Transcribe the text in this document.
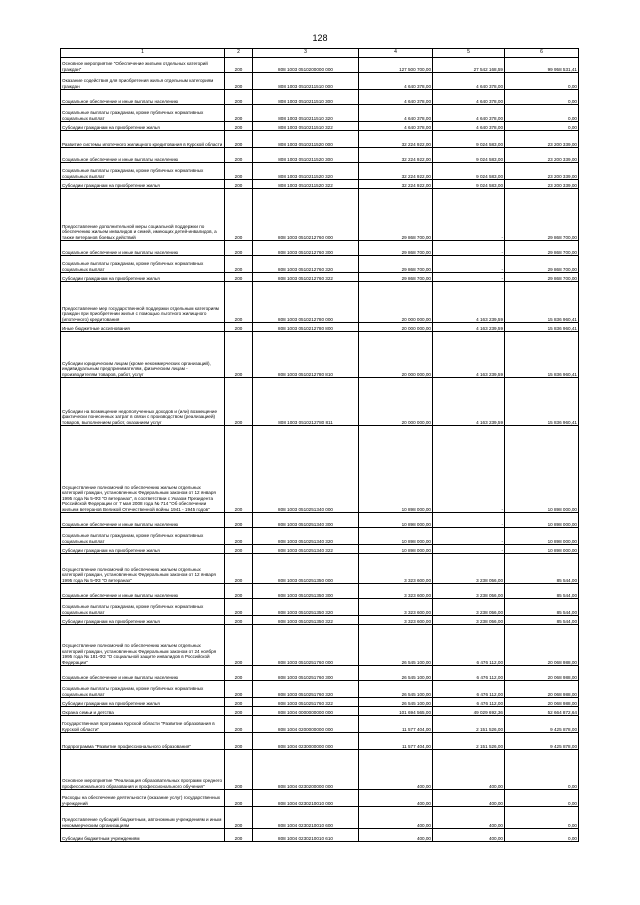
128
1	2	3	4	5	6
Основное мероприятие "Обеспечение жильем отдельных категорий граждан"	200	808 1003 0510200000 000	127 500 700,00	27 542 168,59	99 958 531,41
Оказание содействия для приобретения жилья отдельным категориям граждан	200	808 1003 0510211510 000	4 640 378,00	4 640 378,00	0,00
Социальное обеспечение и иные выплаты населению	200	808 1003 0510211510 300	4 640 378,00	4 640 378,00	0,00
Социальные выплаты гражданам, кроме публичных нормативных социальных выплат	200	808 1003 0510211510 320	4 640 378,00	4 640 378,00	0,00
Субсидии гражданам на приобретение жилья	200	808 1003 0510211510 322	4 640 378,00	4 640 378,00	0,00
Развитие системы ипотечного жилищного кредитования в Курской области	200	808 1003 0510211520 000	32 224 922,00	9 024 583,00	23 200 339,00
Социальное обеспечение и иные выплаты населению	200	808 1003 0510211520 300	32 224 922,00	9 024 583,00	23 200 339,00
Социальные выплаты гражданам, кроме публичных нормативных социальных выплат	200	808 1003 0510211520 320	32 224 922,00	9 024 583,00	23 200 339,00
Субсидии гражданам на приобретение жилья	200	808 1003 0510211520 322	32 224 922,00	9 024 583,00	23 200 339,00
Предоставление дополнительной меры социальной поддержки по обеспечению жильем инвалидов и семей, имеющих детей-инвалидов, а также ветеранов боевых действий	200	808 1003 0510212760 000	29 868 700,00	-	29 868 700,00
Социальное обеспечение и иные выплаты населению	200	808 1003 0510212760 300	29 868 700,00	-	29 868 700,00
Социальные выплаты гражданам, кроме публичных нормативных социальных выплат	200	808 1003 0510212760 320	29 868 700,00	-	29 868 700,00
Субсидии гражданам на приобретение жилья	200	808 1003 0510212760 322	29 868 700,00	-	29 868 700,00
Предоставление мер государственной поддержки отдельным категориям граждан при приобретении жилья с помощью льготного жилищного (ипотечного) кредитования	200	808 1003 0510212780 000	20 000 000,00	4 163 239,59	15 836 960,41
Иные бюджетные ассигнования	200	808 1003 0510212780 800	20 000 000,00	4 163 239,59	15 836 960,41
Субсидии юридическим лицам (кроме некоммерческих организаций), индивидуальным предпринимателям, физическим лицам - производителям товаров, работ, услуг	200	808 1003 0510212780 810	20 000 000,00	4 163 239,59	15 836 960,41
Субсидии на возмещение недополученных доходов и (или) возмещение фактически понесенных затрат в связи с производством (реализацией) товаров, выполнением работ, оказанием услуг	200	808 1003 0510212780 811	20 000 000,00	4 163 239,59	15 836 960,41
Осуществление полномочий по обеспечению жильем отдельных категорий граждан, установленных Федеральным законом от 12 января 1995 года № 5-ФЗ "О ветеранах", в соответствии с Указом Президента Российской Федерации от 7 мая 2008 года № 714 "Об обеспечении жильем ветеранов Великой Отечественной войны 1941 - 1945 годов"	200	808 1003 0510251340 000	10 898 000,00	-	10 898 000,00
Социальное обеспечение и иные выплаты населению	200	808 1003 0510251340 300	10 898 000,00	-	10 898 000,00
Социальные выплаты гражданам, кроме публичных нормативных социальных выплат	200	808 1003 0510251340 320	10 898 000,00	-	10 898 000,00
Субсидии гражданам на приобретение жилья	200	808 1003 0510251340 322	10 898 000,00	-	10 898 000,00
Осуществление полномочий по обеспечению жильем отдельных категорий граждан, установленных Федеральным законом от 12 января 1995 года № 5-ФЗ "О ветеранах"	200	808 1003 0510251350 000	3 323 600,00	3 238 056,00	85 544,00
Социальное обеспечение и иные выплаты населению	200	808 1003 0510251350 300	3 323 600,00	3 238 056,00	85 544,00
Социальные выплаты гражданам, кроме публичных нормативных социальных выплат	200	808 1003 0510251350 320	3 323 600,00	3 238 056,00	85 544,00
Субсидии гражданам на приобретение жилья	200	808 1003 0510251350 322	3 323 600,00	3 238 056,00	85 544,00
Осуществление полномочий по обеспечению жильем отдельных категорий граждан, установленных Федеральным законом от 24 ноября 1995 года № 181-ФЗ "О социальной защите инвалидов в Российской Федерации"	200	808 1003 0510251760 000	26 545 100,00	6 476 112,00	20 068 988,00
Социальное обеспечение и иные выплаты населению	200	808 1003 0510251760 300	26 545 100,00	6 476 112,00	20 068 988,00
Социальные выплаты гражданам, кроме публичных нормативных социальных выплат	200	808 1003 0510251760 320	26 545 100,00	6 476 112,00	20 068 988,00
Субсидии гражданам на приобретение жилья	200	808 1003 0510251760 322	26 545 100,00	6 476 112,00	20 068 988,00
Охрана семьи и детства	200	808 1004 0000000000 000	101 694 565,00	49 029 692,36	52 664 872,64
Государственная программа Курской области "Развитие образования в Курской области"	200	808 1004 0200000000 000	11 577 404,00	2 151 526,00	9 425 878,00
Подпрограмма "Развитие профессионального образования"	200	808 1004 0230000000 000	11 577 404,00	2 151 526,00	9 425 878,00
Основное мероприятие "Реализация образовательных программ среднего профессионального образования и профессионального обучения"	200	808 1004 0230200000 000	400,00	400,00	0,00
Расходы на обеспечение деятельности (оказание услуг) государственных учреждений	200	808 1004 0230210010 000	400,00	400,00	0,00
Предоставление субсидий бюджетным, автономным учреждениям и иным некоммерческим организациям	200	808 1004 0230210010 600	400,00	400,00	0,00
Субсидии бюджетным учреждениям	200	808 1004 0230210010 610	400,00	400,00	0,00
